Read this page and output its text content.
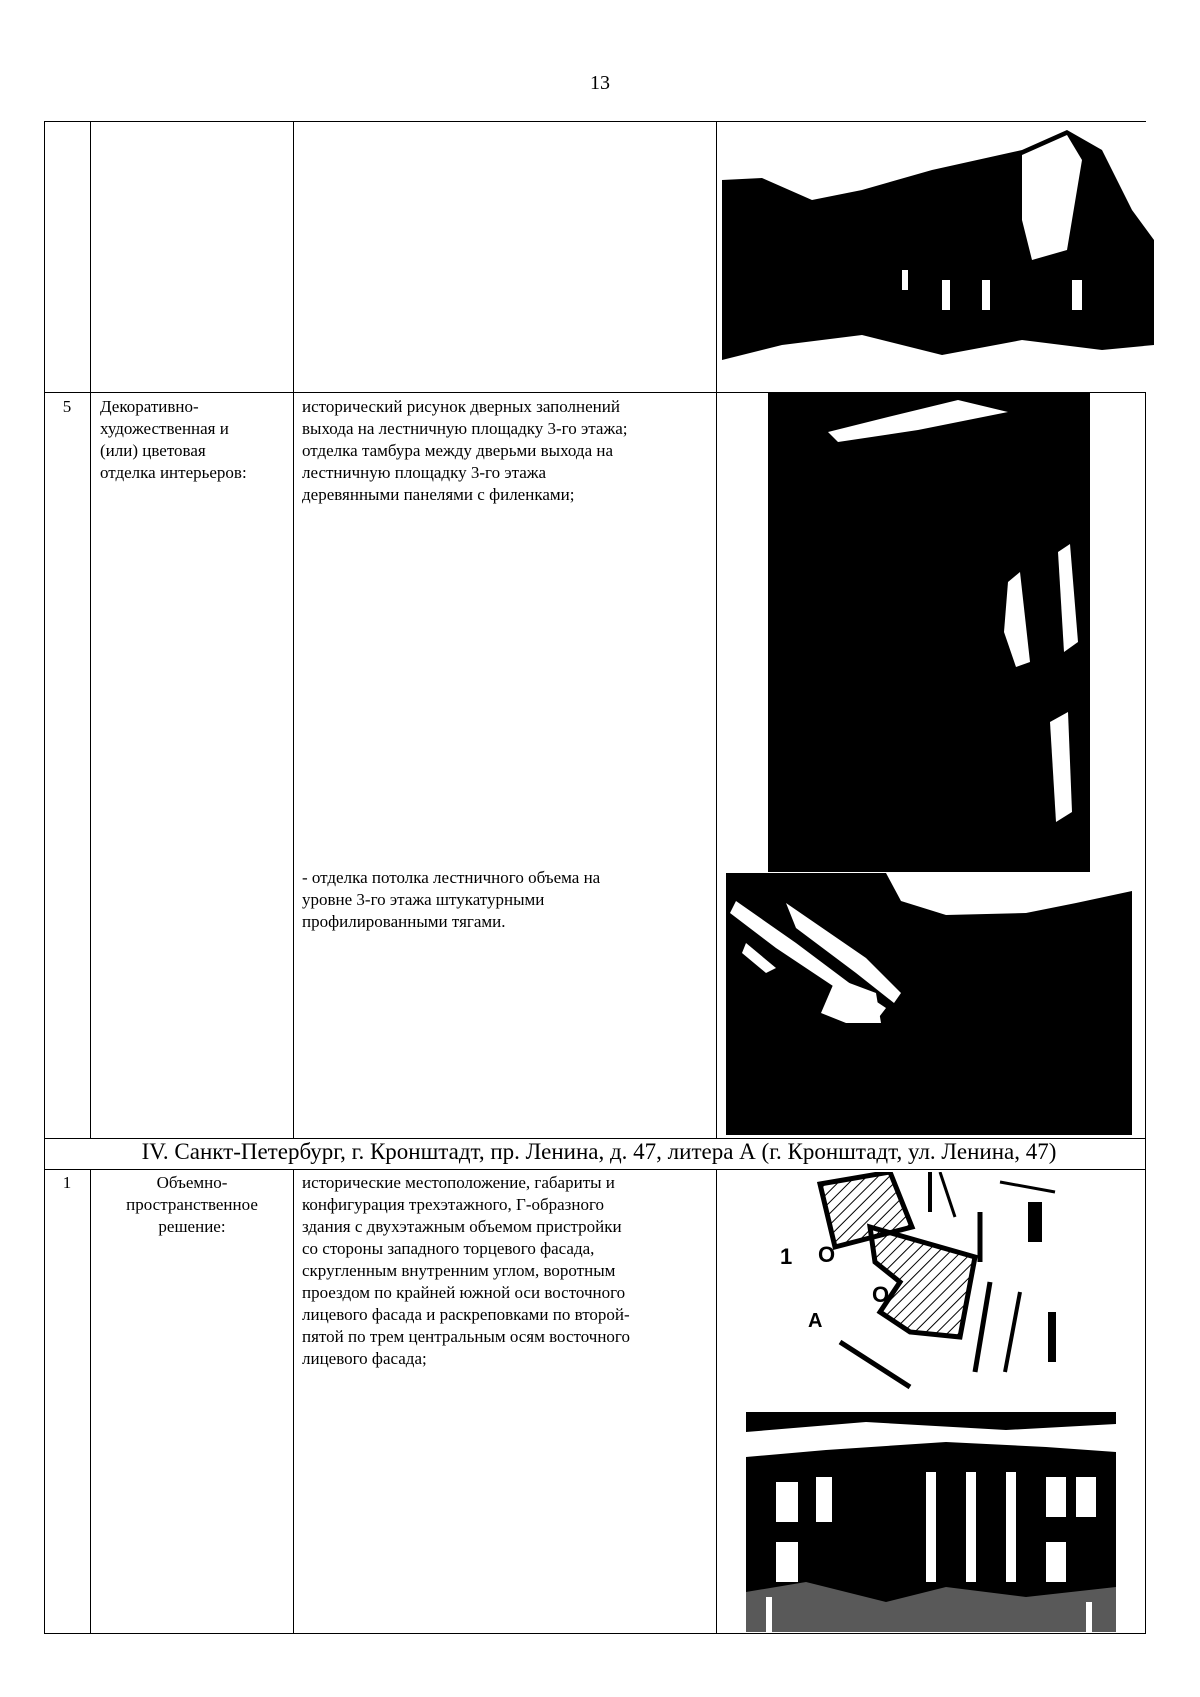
13
5	Декоративно-
художественная и
(или) цветовая
отделка интерьеров:
исторический рисунок дверных заполнений
выхода на лестничную площадку 3-го этажа;
отделка тамбура между дверьми выхода на
лестничную площадку 3-го этажа
деревянными панелями с филенками;
- отделка потолка лестничного объема на
уровне 3-го этажа штукатурными
профилированными тягами.
IV. Санкт-Петербург, г. Кронштадт, пр. Ленина, д. 47, литера А (г. Кронштадт, ул. Ленина, 47)
1	Объемно-
пространственное
решение:
исторические местоположение, габариты и
конфигурация трехэтажного, Г-образного
здания с двухэтажным объемом пристройки
со стороны западного торцевого фасада,
скругленным внутренним углом, воротным
проездом по крайней южной оси восточного
лицевого фасада и раскреповками по второй-
пятой по трем центральным осям восточного
лицевого фасада;
1 О
О
А
